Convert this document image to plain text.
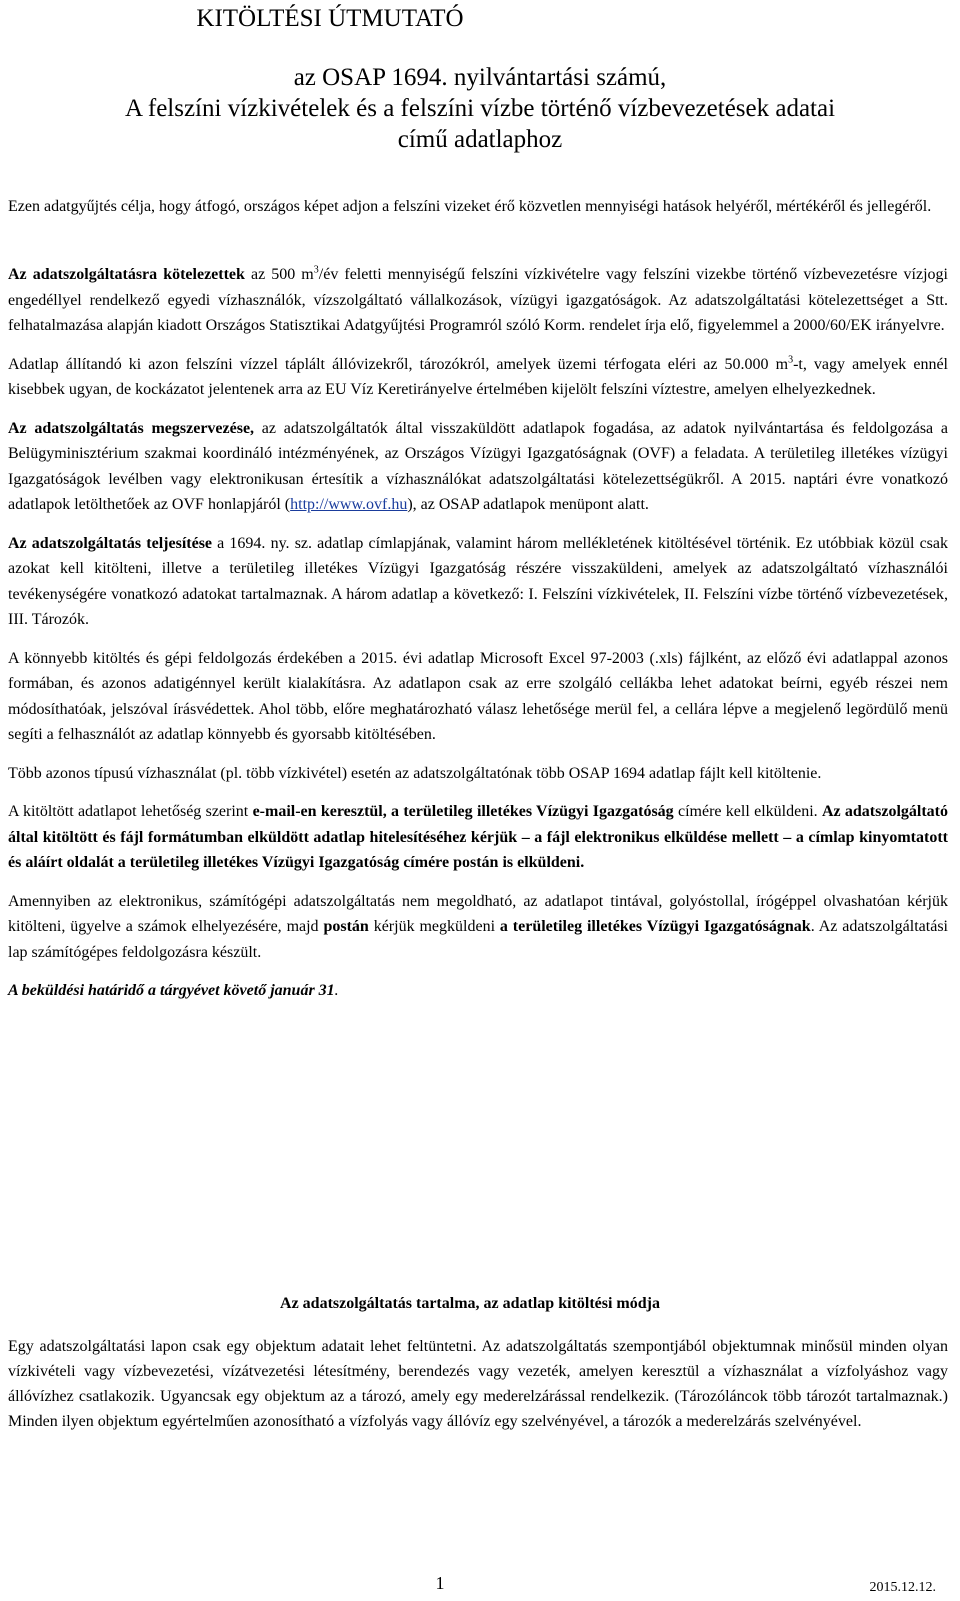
KITÖLTÉSI ÚTMUTATÓ
az OSAP 1694. nyilvántartási számú,
A felszíni vízkivételek és a felszíni vízbe történő vízbevezetések adatai
című adatlaphoz
Ezen adatgyűjtés célja, hogy átfogó, országos képet adjon a felszíni vizeket érő közvetlen mennyiségi hatások helyéről, mértékéről és jellegéről.

Az adatszolgáltatásra kötelezettek az 500 $m^3/év$ feletti mennyiségű felszíni vízkivételre vagy felszíni vizekbe történő vízbevezetésre vízjogi engedéllyel rendelkező egyedi vízhasználók, vízszolgáltató vállalkozások, vízügyi igazgatóságok. Az adatszolgáltatási kötelezettséget a Stt. felhatalmazása alapján kiadott Országos Statisztikai Adatgyűjtési Programról szóló Korm. rendelet írja elő, figyelemmel a 2000/60/EK irányelvre.

Adatlap állítandó ki azon felszíni vízzel táplált állóvizekről, tározókról, amelyek üzemi térfogata eléri az 50.000 $m^3-t$, vagy amelyek ennél kisebbek ugyan, de kockázatot jelentenek arra az EU Víz Keretirányelve értelmében kijelölt felszíni víztestre, amelyen elhelyezkednek.

Az adatszolgáltatás megszervezése, az adatszolgáltatók által visszaküldött adatlapok fogadása, az adatok nyilvántartása és feldolgozása a Belügyminisztérium szakmai koordináló intézményének, az Országos Vízügyi Igazgatóságnak (OVF) a feladata. A területileg illetékes vízügyi Igazgatóságok levélben vagy elektronikusan értesítik a vízhasználókat adatszolgáltatási kötelezettségükről. A 2015. naptári évre vonatkozó adatlapok letölthetőek az OVF honlapjáról (http://www.ovf.hu), az OSAP adatlapok menüpont alatt.

Az adatszolgáltatás teljesítése a 1694. ny. sz. adatlap címlapjának, valamint három mellékletének kitöltésével történik. Ez utóbbiak közül csak azokat kell kitölteni, illetve a területileg illetékes Vízügyi Igazgatóság részére visszaküldeni, amelyek az adatszolgáltató vízhasználói tevékenységére vonatkozó adatokat tartalmaznak. A három adatlap a következő: I. Felszíni vízkivételek, II. Felszíni vízbe történő vízbevezetések, III. Tározók.

A könnyebb kitöltés és gépi feldolgozás érdekében a 2015. évi adatlap Microsoft Excel 97-2003 (.xls) fájlként, az előző évi adatlappal azonos formában, és azonos adatigénnyel került kialakításra. Az adatlapon csak az erre szolgáló cellákba lehet adatokat beírni, egyéb részei nem módosíthatóak, jelszóval írásvédettek. Ahol több, előre meghatározható válasz lehetősége merül fel, a cellára lépve a megjelenő legördülő menü segíti a felhasználót az adatlap könnyebb és gyorsabb kitöltésében.

Több azonos típusú vízhasználat (pl. több vízkivétel) esetén az adatszolgáltatónak több OSAP 1694 adatlap fájlt kell kitöltenie.

A kitöltött adatlapot lehetőség szerint e-mail-en keresztül, a területileg illetékes Vízügyi Igazgatóság címére kell elküldeni. Az adatszolgáltató által kitöltött és fájl formátumban elküldött adatlap hitelesítéséhez kérjük – a fájl elektronikus elküldése mellett – a címlap kinyomtatott és aláírt oldalát a területileg illetékes Vízügyi Igazgatóság címére postán is elküldeni.

Amennyiben az elektronikus, számítógépi adatszolgáltatás nem megoldható, az adatlapot tintával, golyóstollal, írógéppel olvashatóan kérjük kitölteni, ügyelve a számok elhelyezésére, majd postán kérjük megküldeni a területileg illetékes Vízügyi Igazgatóságnak. Az adatszolgáltatási lap számítógépes feldolgozásra készült.

A beküldési határidő a tárgyévet követő január 31.

Az adatszolgáltatás tartalma, az adatlap kitöltési módja

Egy adatszolgáltatási lapon csak egy objektum adatait lehet feltüntetni. Az adatszolgáltatás szempontjából objektumnak minősül minden olyan vízkivételi vagy vízbevezetési, vízátvezetési létesítmény, berendezés vagy vezeték, amelyen keresztül a vízhasználat a vízfolyáshoz vagy állóvízhez csatlakozik. Ugyancsak egy objektum az a tározó, amely egy mederelzárással rendelkezik. (Tározóláncok több tározót tartalmaznak.) Minden ilyen objektum egyértelműen azonosítható a vízfolyás vagy állóvíz egy szelvényével, a tározók a mederelzárás szelvényével.

1	2015.12.12.
